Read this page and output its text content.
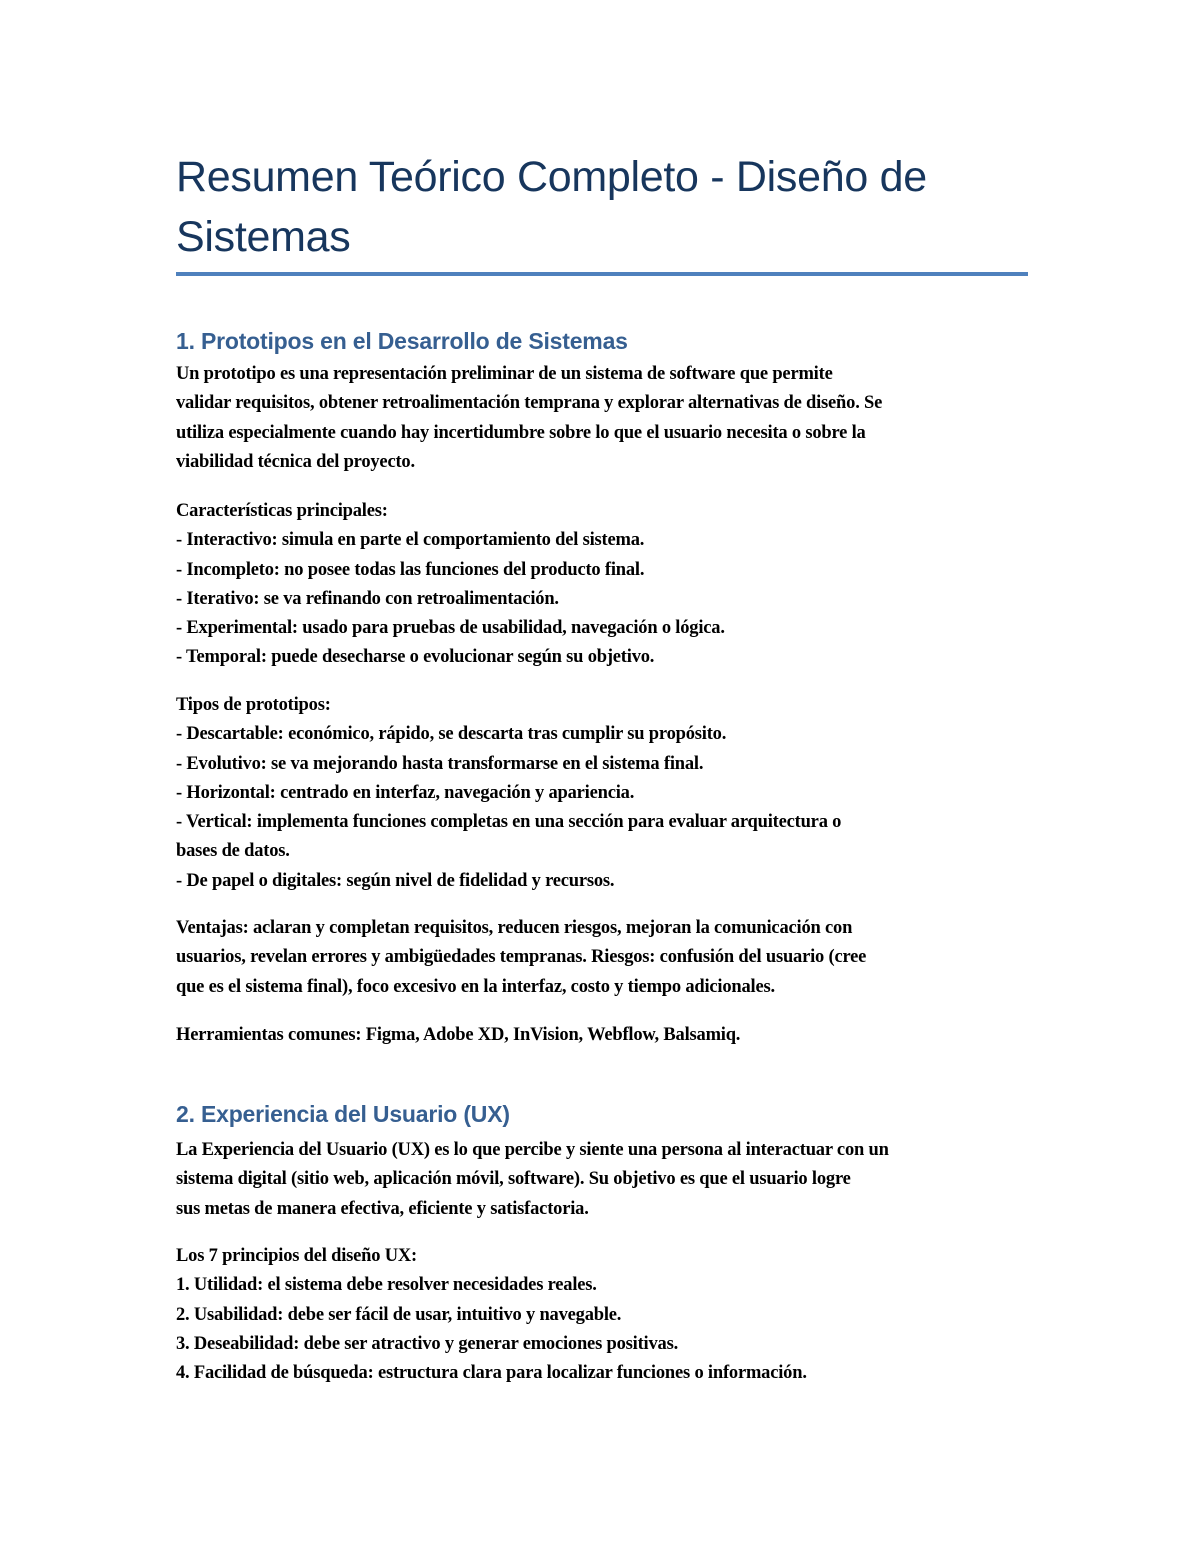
Resumen Teórico Completo - Diseño de
Sistemas
1. Prototipos en el Desarrollo de Sistemas

Un prototipo es una representación preliminar de un sistema de software que permite
validar requisitos, obtener retroalimentación temprana y explorar alternativas de diseño. Se
utiliza especialmente cuando hay incertidumbre sobre lo que el usuario necesita o sobre la
viabilidad técnica del proyecto.

Características principales:
- Interactivo: simula en parte el comportamiento del sistema.
- Incompleto: no posee todas las funciones del producto final.
- Iterativo: se va refinando con retroalimentación.
- Experimental: usado para pruebas de usabilidad, navegación o lógica.
- Temporal: puede desecharse o evolucionar según su objetivo.

Tipos de prototipos:
- Descartable: económico, rápido, se descarta tras cumplir su propósito.
- Evolutivo: se va mejorando hasta transformarse en el sistema final.
- Horizontal: centrado en interfaz, navegación y apariencia.
- Vertical: implementa funciones completas en una sección para evaluar arquitectura o
bases de datos.
- De papel o digitales: según nivel de fidelidad y recursos.

Ventajas: aclaran y completan requisitos, reducen riesgos, mejoran la comunicación con
usuarios, revelan errores y ambigüedades tempranas. Riesgos: confusión del usuario (cree
que es el sistema final), foco excesivo en la interfaz, costo y tiempo adicionales.

Herramientas comunes: Figma, Adobe XD, InVision, Webflow, Balsamiq.

2. Experiencia del Usuario (UX)

La Experiencia del Usuario (UX) es lo que percibe y siente una persona al interactuar con un
sistema digital (sitio web, aplicación móvil, software). Su objetivo es que el usuario logre
sus metas de manera efectiva, eficiente y satisfactoria.

Los 7 principios del diseño UX:
1. Utilidad: el sistema debe resolver necesidades reales.
2. Usabilidad: debe ser fácil de usar, intuitivo y navegable.
3. Deseabilidad: debe ser atractivo y generar emociones positivas.
4. Facilidad de búsqueda: estructura clara para localizar funciones o información.
